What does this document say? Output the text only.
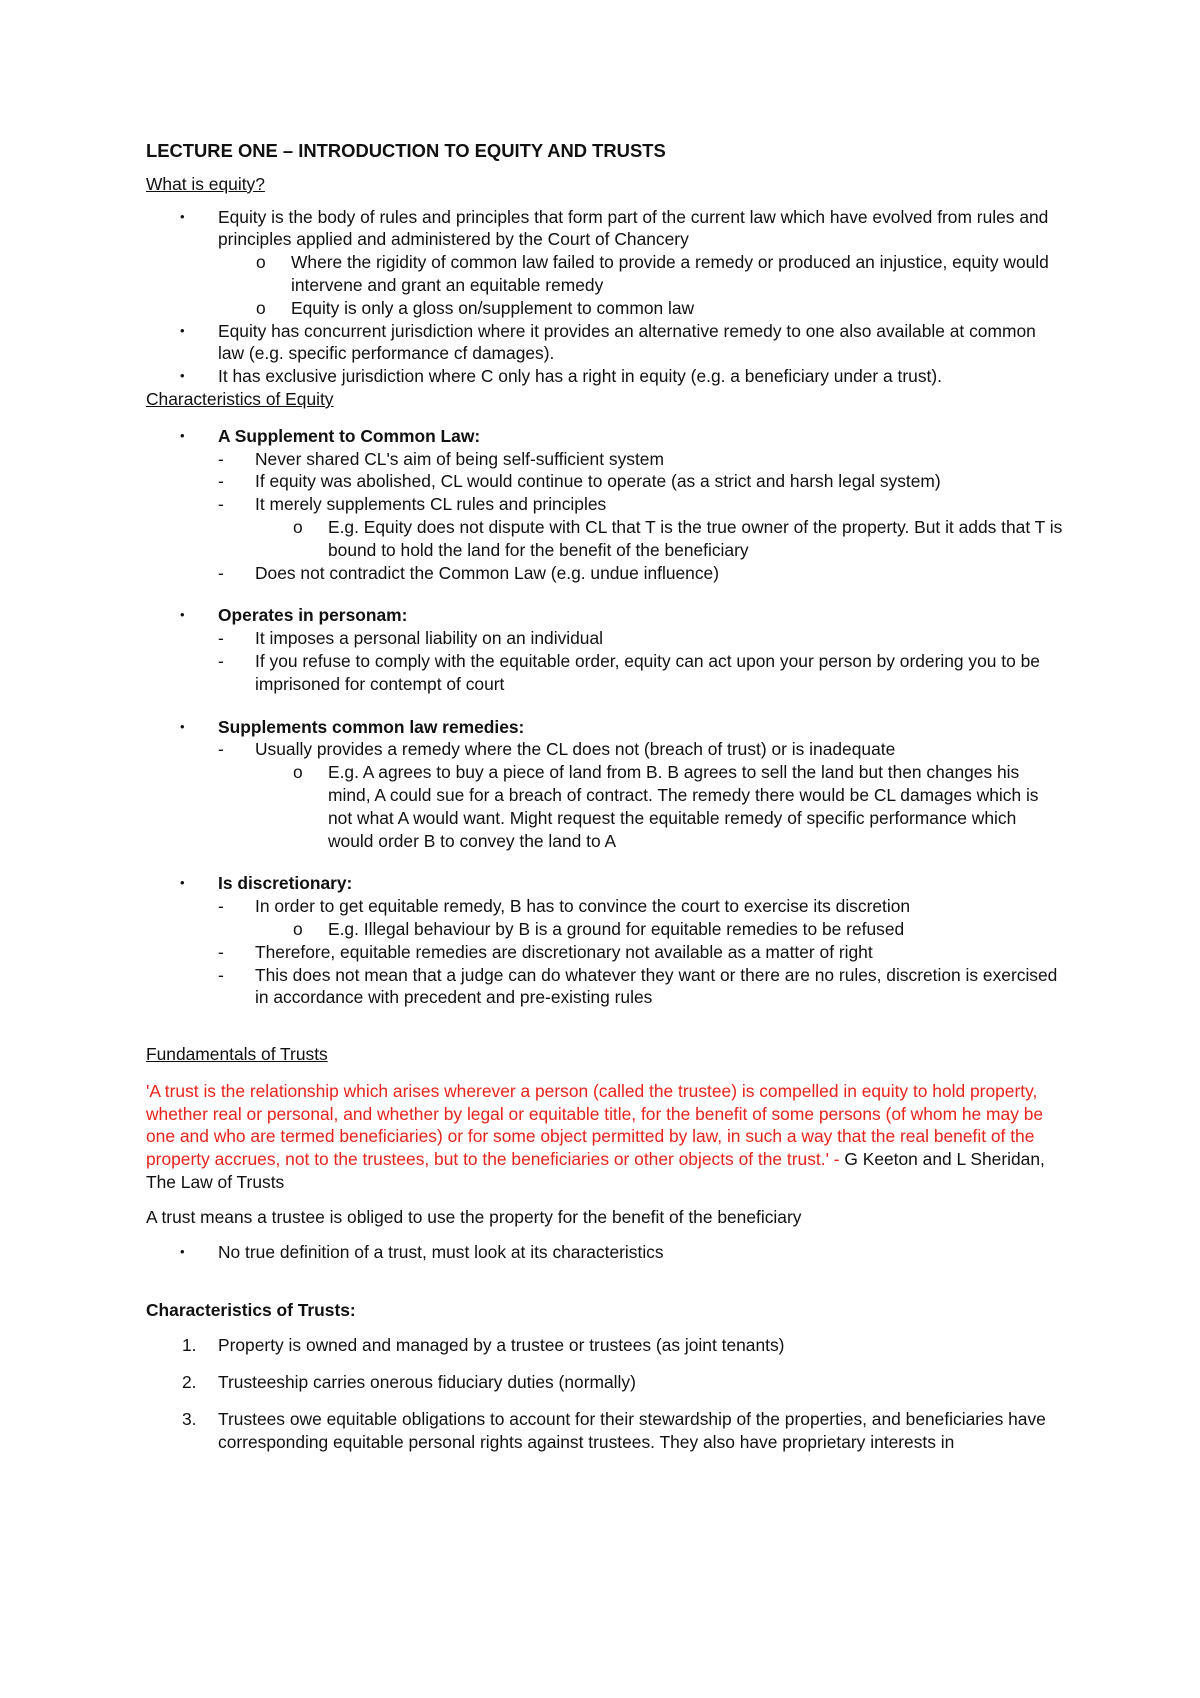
LECTURE ONE – INTRODUCTION TO EQUITY AND TRUSTS
What is equity?
• Equity is the body of rules and principles that form part of the current law which have evolved from rules and principles applied and administered by the Court of Chancery
o Where the rigidity of common law failed to provide a remedy or produced an injustice, equity would intervene and grant an equitable remedy
o Equity is only a gloss on/supplement to common law
• Equity has concurrent jurisdiction where it provides an alternative remedy to one also available at common law (e.g. specific performance cf damages).
• It has exclusive jurisdiction where C only has a right in equity (e.g. a beneficiary under a trust).
Characteristics of Equity
• A Supplement to Common Law:
- Never shared CL's aim of being self-sufficient system
- If equity was abolished, CL would continue to operate (as a strict and harsh legal system)
- It merely supplements CL rules and principles
o E.g. Equity does not dispute with CL that T is the true owner of the property. But it adds that T is bound to hold the land for the benefit of the beneficiary
- Does not contradict the Common Law (e.g. undue influence)
• Operates in personam:
- It imposes a personal liability on an individual
- If you refuse to comply with the equitable order, equity can act upon your person by ordering you to be imprisoned for contempt of court
• Supplements common law remedies:
- Usually provides a remedy where the CL does not (breach of trust) or is inadequate
o E.g. A agrees to buy a piece of land from B. B agrees to sell the land but then changes his mind, A could sue for a breach of contract. The remedy there would be CL damages which is not what A would want. Might request the equitable remedy of specific performance which would order B to convey the land to A
• Is discretionary:
- In order to get equitable remedy, B has to convince the court to exercise its discretion
o E.g. Illegal behaviour by B is a ground for equitable remedies to be refused
- Therefore, equitable remedies are discretionary not available as a matter of right
- This does not mean that a judge can do whatever they want or there are no rules, discretion is exercised in accordance with precedent and pre-existing rules
Fundamentals of Trusts
'A trust is the relationship which arises wherever a person (called the trustee) is compelled in equity to hold property, whether real or personal, and whether by legal or equitable title, for the benefit of some persons (of whom he may be one and who are termed beneficiaries) or for some object permitted by law, in such a way that the real benefit of the property accrues, not to the trustees, but to the beneficiaries or other objects of the trust.' - G Keeton and L Sheridan, The Law of Trusts
A trust means a trustee is obliged to use the property for the benefit of the beneficiary
• No true definition of a trust, must look at its characteristics
Characteristics of Trusts:
1. Property is owned and managed by a trustee or trustees (as joint tenants)
2. Trusteeship carries onerous fiduciary duties (normally)
3. Trustees owe equitable obligations to account for their stewardship of the properties, and beneficiaries have corresponding equitable personal rights against trustees. They also have proprietary interests in
